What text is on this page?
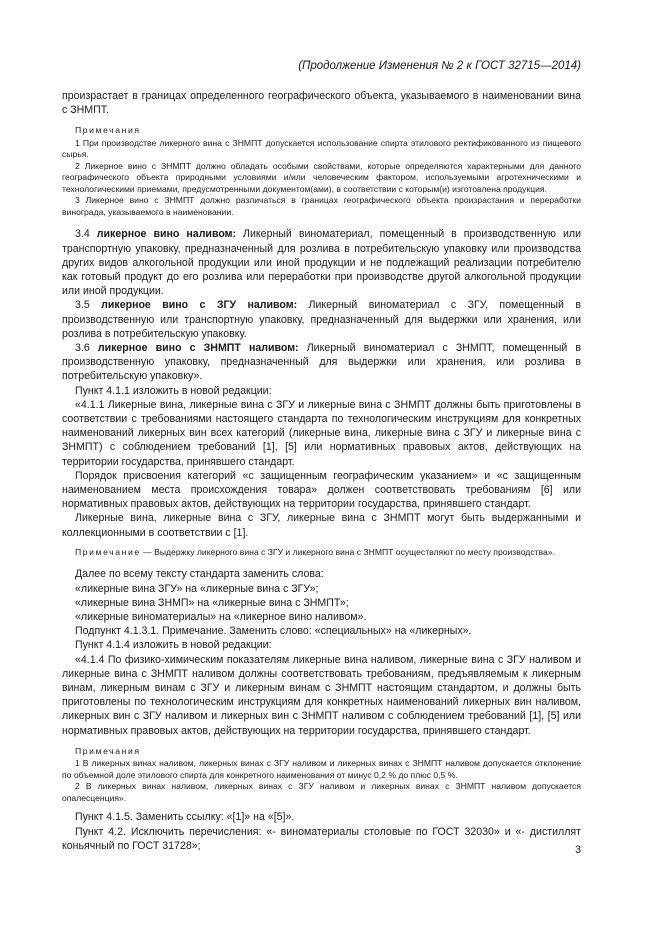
(Продолжение Изменения № 2 к ГОСТ 32715—2014)

произрастает в границах определенного географического объекта, указываемого в наименовании вина с ЗНМПТ.

Примечания
1 При производстве ликерного вина с ЗНМПТ допускается использование спирта этилового ректификованного из пищевого сырья.
2 Ликерное вино с ЗНМПТ должно обладать особыми свойствами, которые определяются характерными для данного географического объекта природными условиями и/или человеческим фактором, используемыми агротехническими и технологическими приемами, предусмотренными документом(ами), в соответствии с которым(и) изготовлена продукция.
3 Ликерное вино с ЗНМПТ должно различаться в границах географического объекта произрастания и переработки винограда, указываемого в наименовании.

3.4 ликерное вино наливом: Ликерный виноматериал, помещенный в производственную или транспортную упаковку, предназначенный для розлива в потребительскую упаковку или производства других видов алкогольной продукции или иной продукции и не подлежащий реализации потребителю как готовый продукт до его розлива или переработки при производстве другой алкогольной продукции или иной продукции.

3.5 ликерное вино с ЗГУ наливом: Ликерный виноматериал с ЗГУ, помещенный в производственную или транспортную упаковку, предназначенный для выдержки или хранения, или розлива в потребительскую упаковку.

3.6 ликерное вино с ЗНМПТ наливом: Ликерный виноматериал с ЗНМПТ, помещенный в производственную упаковку, предназначенный для выдержки или хранения, или розлива в потребительскую упаковку».

Пункт 4.1.1 изложить в новой редакции:

«4.1.1 Ликерные вина, ликерные вина с ЗГУ и ликерные вина с ЗНМПТ должны быть приготовлены в соответствии с требованиями настоящего стандарта по технологическим инструкциям для конкретных наименований ликерных вин всех категорий (ликерные вина, ликерные вина с ЗГУ и ликерные вина с ЗНМПТ) с соблюдением требований [1], [5] или нормативных правовых актов, действующих на территории государства, принявшего стандарт.

Порядок присвоения категорий «с защищенным географическим указанием» и «с защищенным наименованием места происхождения товара» должен соответствовать требованиям [6] или нормативных правовых актов, действующих на территории государства, принявшего стандарт.

Ликерные вина, ликерные вина с ЗГУ, ликерные вина с ЗНМПТ могут быть выдержанными и коллекционными в соответствии с [1].

Примечание — Выдержку ликерного вина с ЗГУ и ликерного вина с ЗНМПТ осуществляют по месту производства».

Далее по всему тексту стандарта заменить слова:

«ликерные вина ЗГУ» на «ликерные вина с ЗГУ»;

«ликерные вина ЗНМП» на «ликерные вина с ЗНМПТ»;

«ликерные виноматериалы» на «ликерное вино наливом».

Подпункт 4.1.3.1. Примечание. Заменить слово: «специальных» на «ликерных».

Пункт 4.1.4 изложить в новой редакции:

«4.1.4 По физико-химическим показателям ликерные вина наливом, ликерные вина с ЗГУ наливом и ликерные вина с ЗНМПТ наливом должны соответствовать требованиям, предъявляемым к ликерным винам, ликерным винам с ЗГУ и ликерным винам с ЗНМПТ настоящим стандартом, и должны быть приготовлены по технологическим инструкциям для конкретных наименований ликерных вин наливом, ликерных вин с ЗГУ наливом и ликерных вин с ЗНМПТ наливом с соблюдением требований [1], [5] или нормативных правовых актов, действующих на территории государства, принявшего стандарт.

Примечания
1 В ликерных винах наливом, ликерных винах с ЗГУ наливом и ликерных винах с ЗНМПТ наливом допускается отклонение по объемной доле этилового спирта для конкретного наименования от минус 0,2 % до плюс 0,5 %.
2 В ликерных винах наливом, ликерных винах с ЗГУ наливом и ликерных винах с ЗНМПТ наливом допускается опалесценция».

Пункт 4.1.5. Заменить ссылку: «[1]» на «[5]».

Пункт 4.2. Исключить перечисления: «- виноматериалы столовые по ГОСТ 32030» и «- дистиллят коньячный по ГОСТ 31728»;	3
